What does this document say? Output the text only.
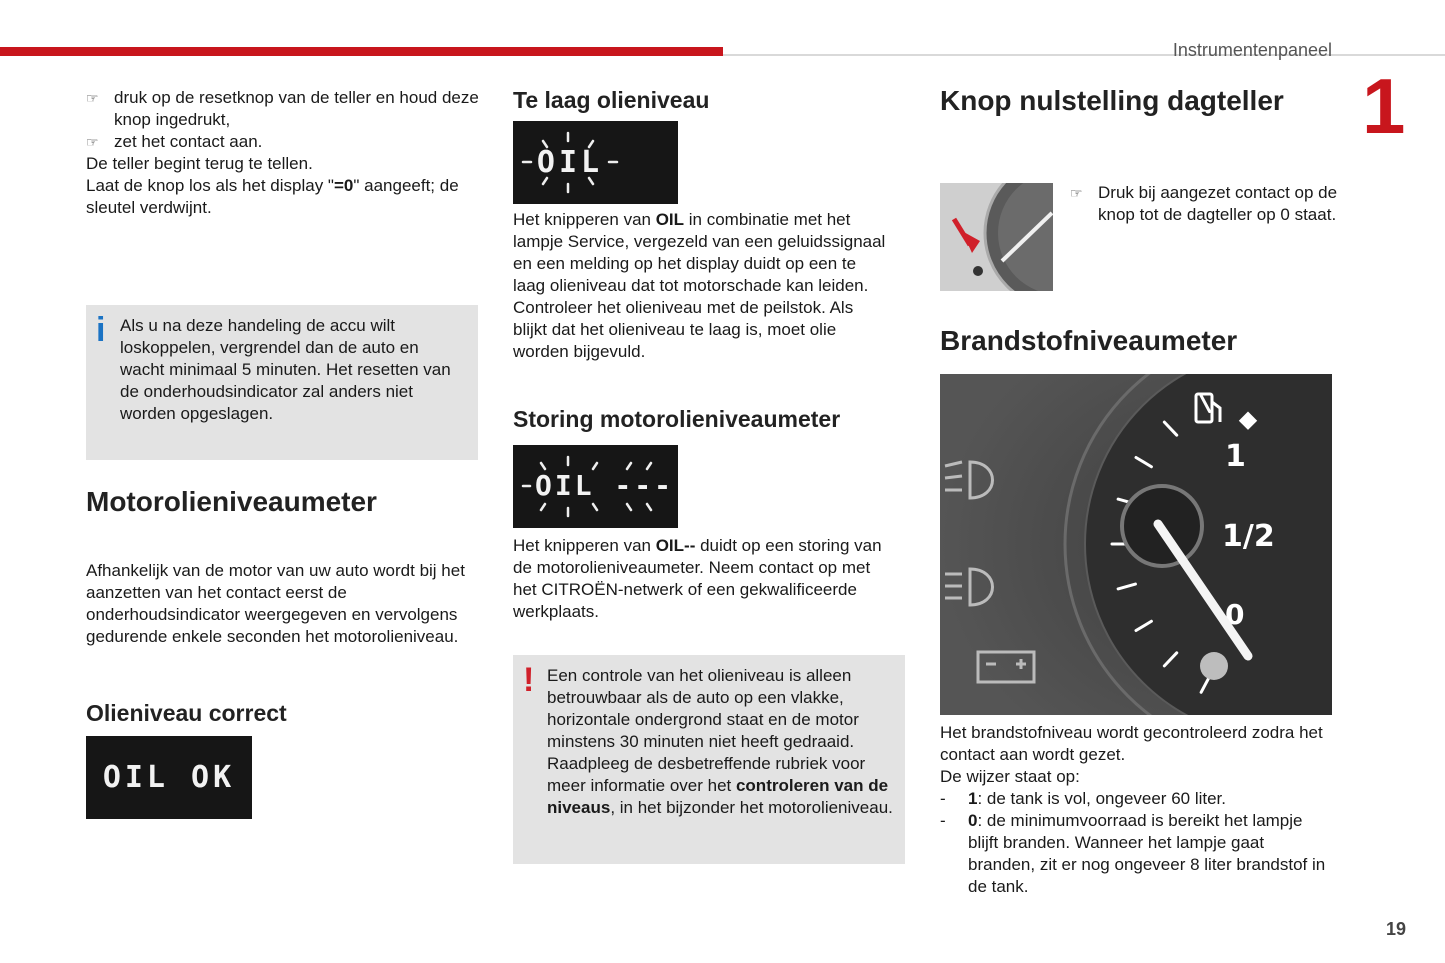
Instrumentenpaneel
1
19
☞ druk op de resetknop van de teller en houd deze knop ingedrukt,
☞ zet het contact aan.
De teller begint terug te tellen.
Laat de knop los als het display "=0" aangeeft; de sleutel verdwijnt.
i Als u na deze handeling de accu wilt loskoppelen, vergrendel dan de auto en wacht minimaal 5 minuten. Het resetten van de onderhoudsindicator zal anders niet worden opgeslagen.
Motorolieniveaumeter
Afhankelijk van de motor van uw auto wordt bij het aanzetten van het contact eerst de onderhoudsindicator weergegeven en vervolgens gedurende enkele seconden het motorolieniveau.
Olieniveau correct
OIL OK
Te laag olieniveau
OIL
Het knipperen van OIL in combinatie met het lampje Service, vergezeld van een geluidssignaal en een melding op het display duidt op een te laag olieniveau dat tot motorschade kan leiden.
Controleer het olieniveau met de peilstok. Als blijkt dat het olieniveau te laag is, moet olie worden bijgevuld.
Storing motorolieniveaumeter
OIL ---
Het knipperen van OIL-- duidt op een storing van de motorolieniveaumeter. Neem contact op met het CITROËN-netwerk of een gekwalificeerde werkplaats.
! Een controle van het olieniveau is alleen betrouwbaar als de auto op een vlakke, horizontale ondergrond staat en de motor minstens 30 minuten niet heeft gedraaid. Raadpleeg de desbetreffende rubriek voor meer informatie over het controleren van de niveaus, in het bijzonder het motorolieniveau.
Knop nulstelling dagteller
☞ Druk bij aangezet contact op de knop tot de dagteller op 0 staat.
Brandstofniveaumeter
1
1/2
0
Het brandstofniveau wordt gecontroleerd zodra het contact aan wordt gezet.
De wijzer staat op:
- 1: de tank is vol, ongeveer 60 liter.
- 0: de minimumvoorraad is bereikt het lampje blijft branden. Wanneer het lampje gaat branden, zit er nog ongeveer 8 liter brandstof in de tank.
